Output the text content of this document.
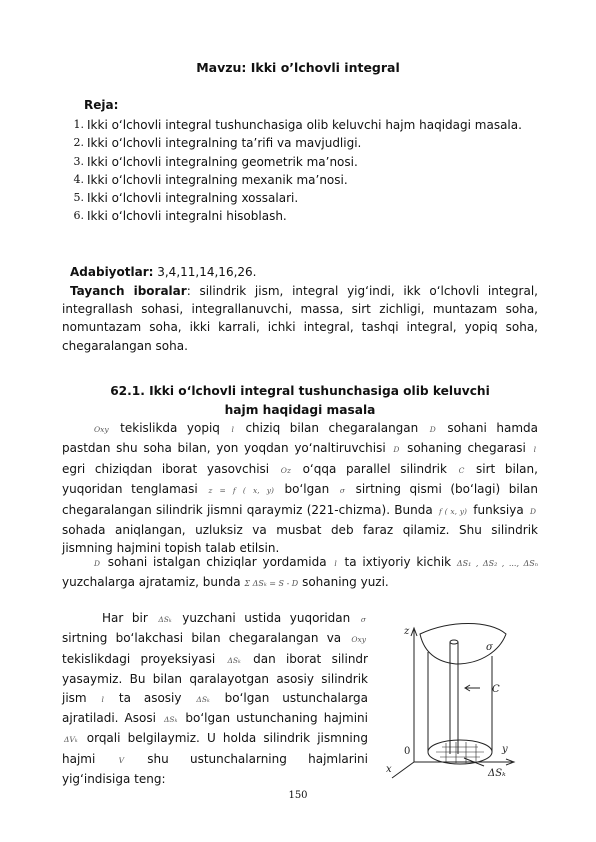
Mavzu: Ikki o’lchovli integral
Reja:
1. Ikki o‘lchovli integral tushunchasiga olib keluvchi hajm haqidagi masala.
2. Ikki o‘lchovli integralning ta’rifi va mavjudligi.
3. Ikki o‘lchovli integralning geometrik ma’nosi.
4. Ikki o‘lchovli integralning mexanik ma’nosi.
5. Ikki o‘lchovli integralning xossalari.
6. Ikki o‘lchovli integralni hisoblash.
Adabiyotlar: 3,4,11,14,16,26.
Tayanch iboralar: silindrik jism, integral yig‘indi, ikk o‘lchovli integral, integrallash sohasi, integrallanuvchi, massa, sirt zichligi, muntazam soha, nomuntazam soha, ikki karrali, ichki integral, tashqi integral, yopiq soha, chegaralangan soha.
62.1. Ikki o‘lchovli integral tushunchasiga olib keluvchi
hajm haqidagi masala
Oxy tekislikda yopiq l chiziq bilan chegaralangan D sohani hamda pastdan shu soha bilan, yon yoqdan yo‘naltiruvchisi D sohaning chegarasi l egri chiziqdan iborat yasovchisi Oz o‘qqa parallel silindrik C sirt bilan, yuqoridan tenglamasi z = f ( x, y) bo‘lgan σ sirtning qismi (bo‘lagi) bilan chegaralangan silindrik jismni qaraymiz (221‑chizma). Bunda f ( x, y) funksiya D sohada aniqlangan, uzluksiz va musbat deb faraz qilamiz. Shu silindrik jismning hajmini topish talab etilsin.
D sohani istalgan chiziqlar yordamida l ta ixtiyoriy kichik ΔS₁ , ΔS₂ , ..., ΔSₙ yuzchalarga ajratamiz, bunda Σ ΔSₖ = S ‑ D sohaning yuzi.
Har bir ΔSₖ yuzchani ustida yuqoridan σ sirtning bo‘lakchasi bilan chegaralangan va Oxy tekislikdagi proyeksiyasi ΔSₖ dan iborat silindr yasaymiz. Bu bilan qaralayotgan asosiy silindrik jism l ta asosiy ΔSₖ bo‘lgan ustunchalarga ajratiladi. Asosi ΔSₖ bo‘lgan ustunchaning hajmini ΔVₖ orqali belgilaymiz. U holda silindrik jismning hajmi	V shu ustunchalarning hajmlarini yig‘indisiga teng:
z
σ
C
0	y
x	ΔSₖ
150
